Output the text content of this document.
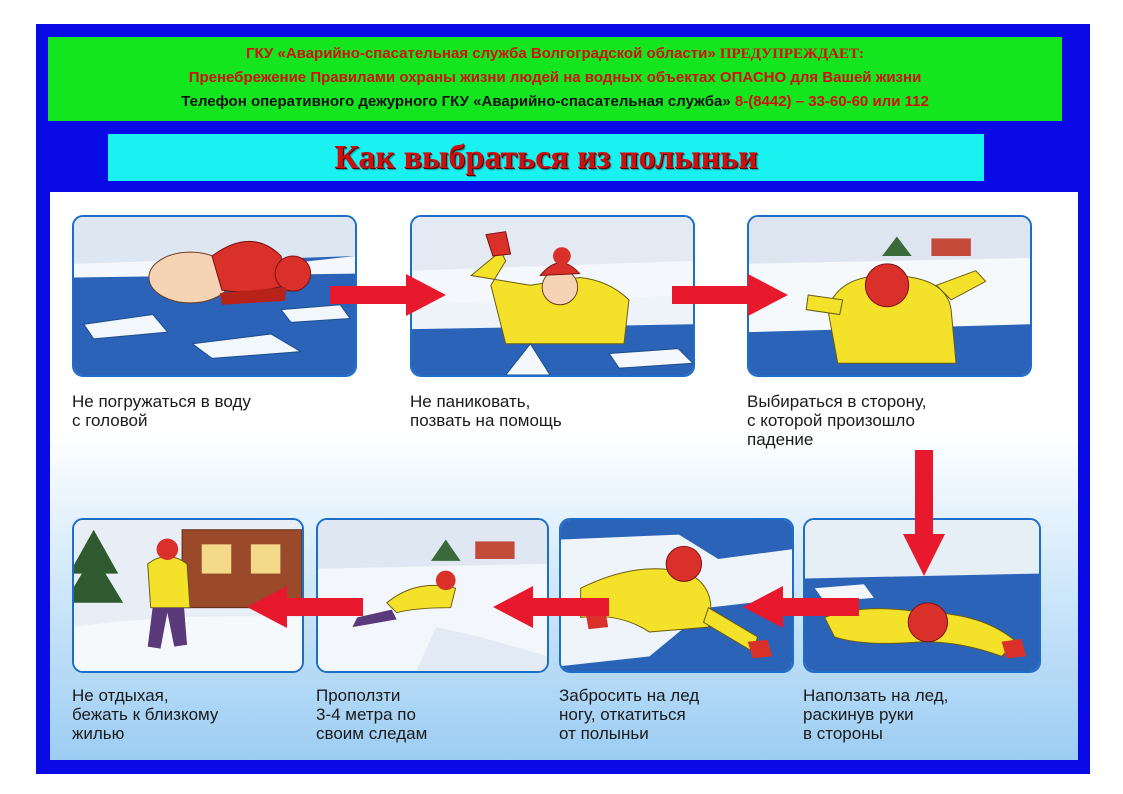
ГКУ «Аварийно-спасательная служба Волгоградской области» ПРЕДУПРЕЖДАЕТ:
Пренебрежение Правилами охраны жизни людей на водных объектах ОПАСНО для Вашей жизни
Телефон оперативного дежурного ГКУ «Аварийно-спасательная служба» 8-(8442) – 33-60-60 или 112
Как выбраться из полыньи
Не погружаться в воду
с головой
Не паниковать,
позвать на помощь
Выбираться в сторону,
с которой произошло
падение
Наползать на лед,
раскинув руки
в стороны
Забросить на лед
ногу, откатиться
от полыньи
Проползти
3-4 метра по
своим следам
Не отдыхая,
бежать к близкому
жилью
